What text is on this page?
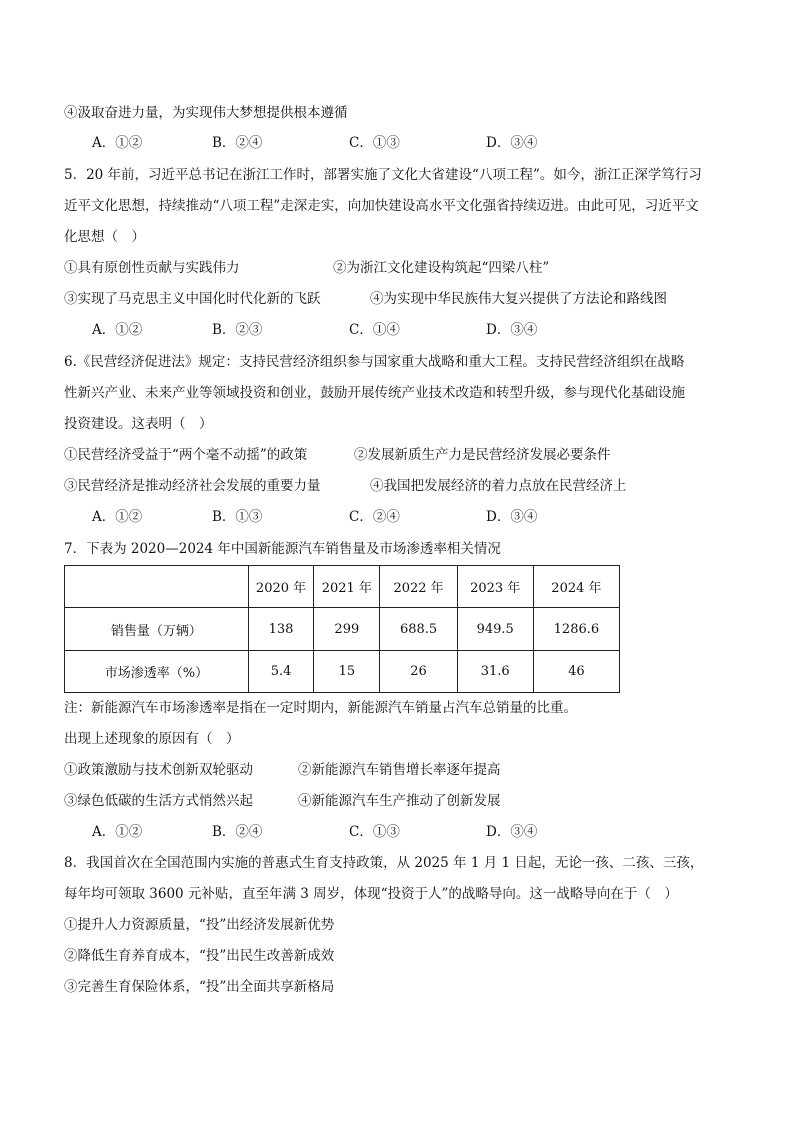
④汲取奋进力量，为实现伟大梦想提供根本遵循
A．①②	B．②④	C．①③	D．③④
5．20 年前，习近平总书记在浙江工作时，部署实施了文化大省建设“八项工程”。如今，浙江正深学笃行习
近平文化思想，持续推动“八项工程”走深走实，向加快建设高水平文化强省持续迈进。由此可见，习近平文
化思想（　）
①具有原创性贡献与实践伟力	②为浙江文化建设构筑起“四梁八柱”
③实现了马克思主义中国化时代化新的飞跃	④为实现中华民族伟大复兴提供了方法论和路线图
A．①②	B．②③	C．①④	D．③④
6.《民营经济促进法》规定：支持民营经济组织参与国家重大战略和重大工程。支持民营经济组织在战略
性新兴产业、未来产业等领域投资和创业，鼓励开展传统产业技术改造和转型升级，参与现代化基础设施
投资建设。这表明（　）
①民营经济受益于“两个毫不动摇”的政策	②发展新质生产力是民营经济发展必要条件
③民营经济是推动经济社会发展的重要力量	④我国把发展经济的着力点放在民营经济上
A．①②	B．①③	C．②④	D．③④
7．下表为 2020—2024 年中国新能源汽车销售量及市场渗透率相关情况
	2020 年	2021 年	2022 年	2023 年	2024 年
销售量（万辆）	138	299	688.5	949.5	1286.6
市场渗透率（%）	5.4	15	26	31.6	46
注：新能源汽车市场渗透率是指在一定时期内，新能源汽车销量占汽车总销量的比重。
出现上述现象的原因有（　）
①政策激励与技术创新双轮驱动	②新能源汽车销售增长率逐年提高
③绿色低碳的生活方式悄然兴起	④新能源汽车生产推动了创新发展
A．①②	B．②④	C．①③	D．③④
8．我国首次在全国范围内实施的普惠式生育支持政策，从 2025 年 1 月 1 日起，无论一孩、二孩、三孩，
每年均可领取 3600 元补贴，直至年满 3 周岁，体现“投资于人”的战略导向。这一战略导向在于（　）
①提升人力资源质量，“投”出经济发展新优势
②降低生育养育成本，“投”出民生改善新成效
③完善生育保险体系，“投”出全面共享新格局
